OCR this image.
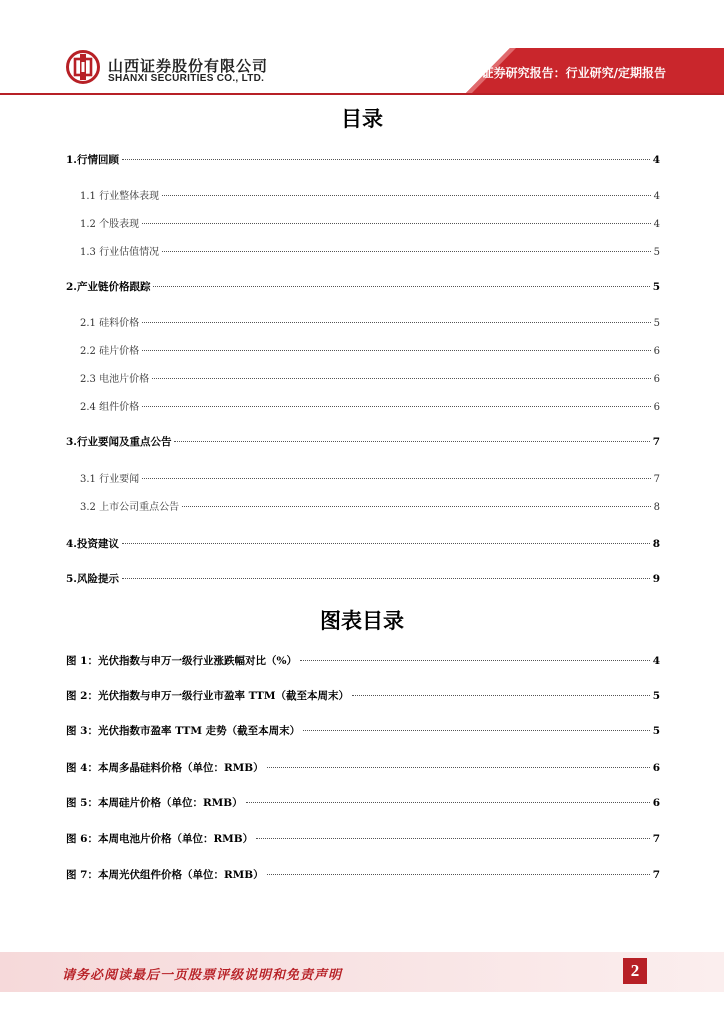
山西证券股份有限公司
SHANXI SECURITIES CO., LTD.	证券研究报告：行业研究/定期报告
目录
1.行情回顾	4
1.1 行业整体表现	4
1.2 个股表现	4
1.3 行业估值情况	5
2.产业链价格跟踪	5
2.1 硅料价格	5
2.2 硅片价格	6
2.3 电池片价格	6
2.4 组件价格	6
3.行业要闻及重点公告	7
3.1 行业要闻	7
3.2 上市公司重点公告	8
4.投资建议	8
5.风险提示	9
图表目录
图 1：光伏指数与申万一级行业涨跌幅对比（%）	4
图 2：光伏指数与申万一级行业市盈率 TTM（截至本周末）	5
图 3：光伏指数市盈率 TTM 走势（截至本周末）	5
图 4：本周多晶硅料价格（单位：RMB）	6
图 5：本周硅片价格（单位：RMB）	6
图 6：本周电池片价格（单位：RMB）	7
图 7：本周光伏组件价格（单位：RMB）	7
请务必阅读最后一页股票评级说明和免责声明	2
